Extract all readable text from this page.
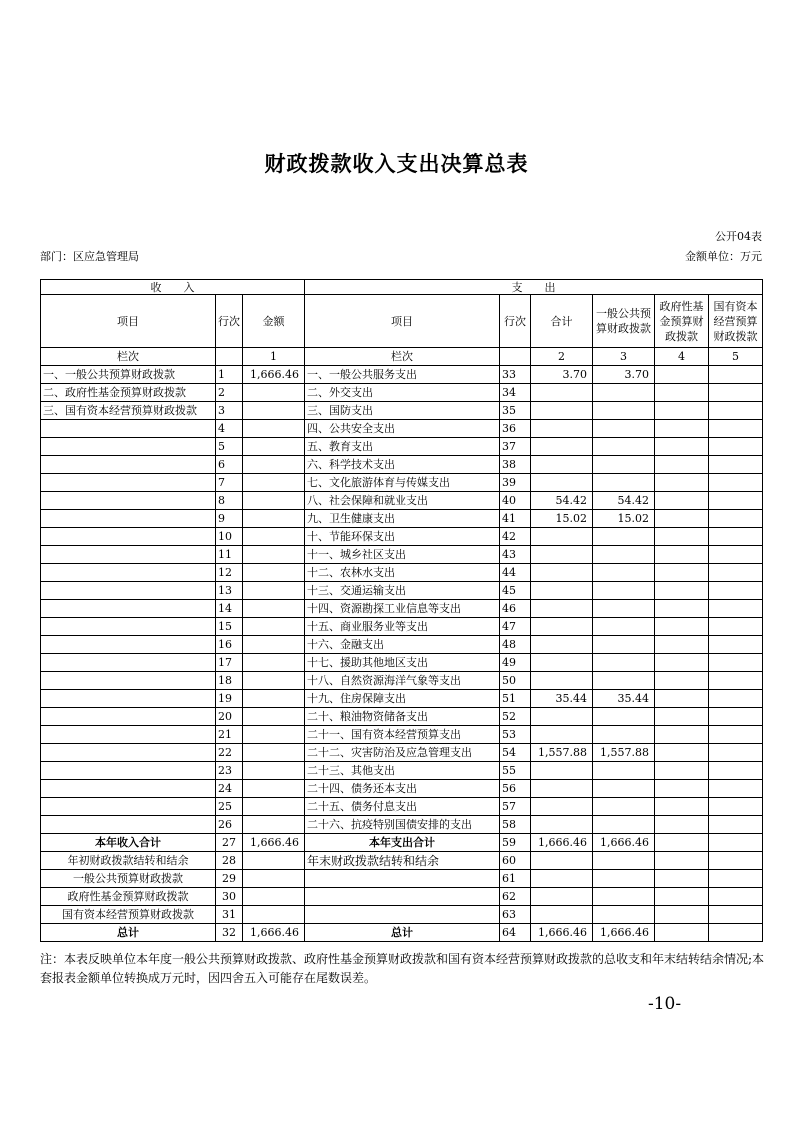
财政拨款收入支出决算总表
公开04表
部门：区应急管理局	金额单位：万元
收　　入			支　　出					
项目	行次	金额	项目	行次	合计	一般公共预算财政拨款	政府性基金预算财政拨款	国有资本经营预算财政拨款
栏次		1	栏次		2	3	4	5
一、一般公共预算财政拨款	1	1,666.46	一、一般公共服务支出	33	3.70	3.70		
二、政府性基金预算财政拨款	2		二、外交支出	34				
三、国有资本经营预算财政拨款	3		三、国防支出	35				
	4		四、公共安全支出	36				
	5		五、教育支出	37				
	6		六、科学技术支出	38				
	7		七、文化旅游体育与传媒支出	39				
	8		八、社会保障和就业支出	40	54.42	54.42		
	9		九、卫生健康支出	41	15.02	15.02		
	10		十、节能环保支出	42				
	11		十一、城乡社区支出	43				
	12		十二、农林水支出	44				
	13		十三、交通运输支出	45				
	14		十四、资源勘探工业信息等支出	46				
	15		十五、商业服务业等支出	47				
	16		十六、金融支出	48				
	17		十七、援助其他地区支出	49				
	18		十八、自然资源海洋气象等支出	50				
	19		十九、住房保障支出	51	35.44	35.44		
	20		二十、粮油物资储备支出	52				
	21		二十一、国有资本经营预算支出	53				
	22		二十二、灾害防治及应急管理支出	54	1,557.88	1,557.88		
	23		二十三、其他支出	55				
	24		二十四、债务还本支出	56				
	25		二十五、债务付息支出	57				
	26		二十六、抗疫特别国债安排的支出	58				
本年收入合计	27	1,666.46	本年支出合计	59	1,666.46	1,666.46		
年初财政拨款结转和结余	28		年末财政拨款结转和结余	60				
一般公共预算财政拨款	29			61				
政府性基金预算财政拨款	30			62				
国有资本经营预算财政拨款	31			63				
总计	32	1,666.46	总计	64	1,666.46	1,666.46		
注：本表反映单位本年度一般公共预算财政拨款、政府性基金预算财政拨款和国有资本经营预算财政拨款的总收支和年末结转结余情况;本套报表金额单位转换成万元时，因四舍五入可能存在尾数误差。
-10-
